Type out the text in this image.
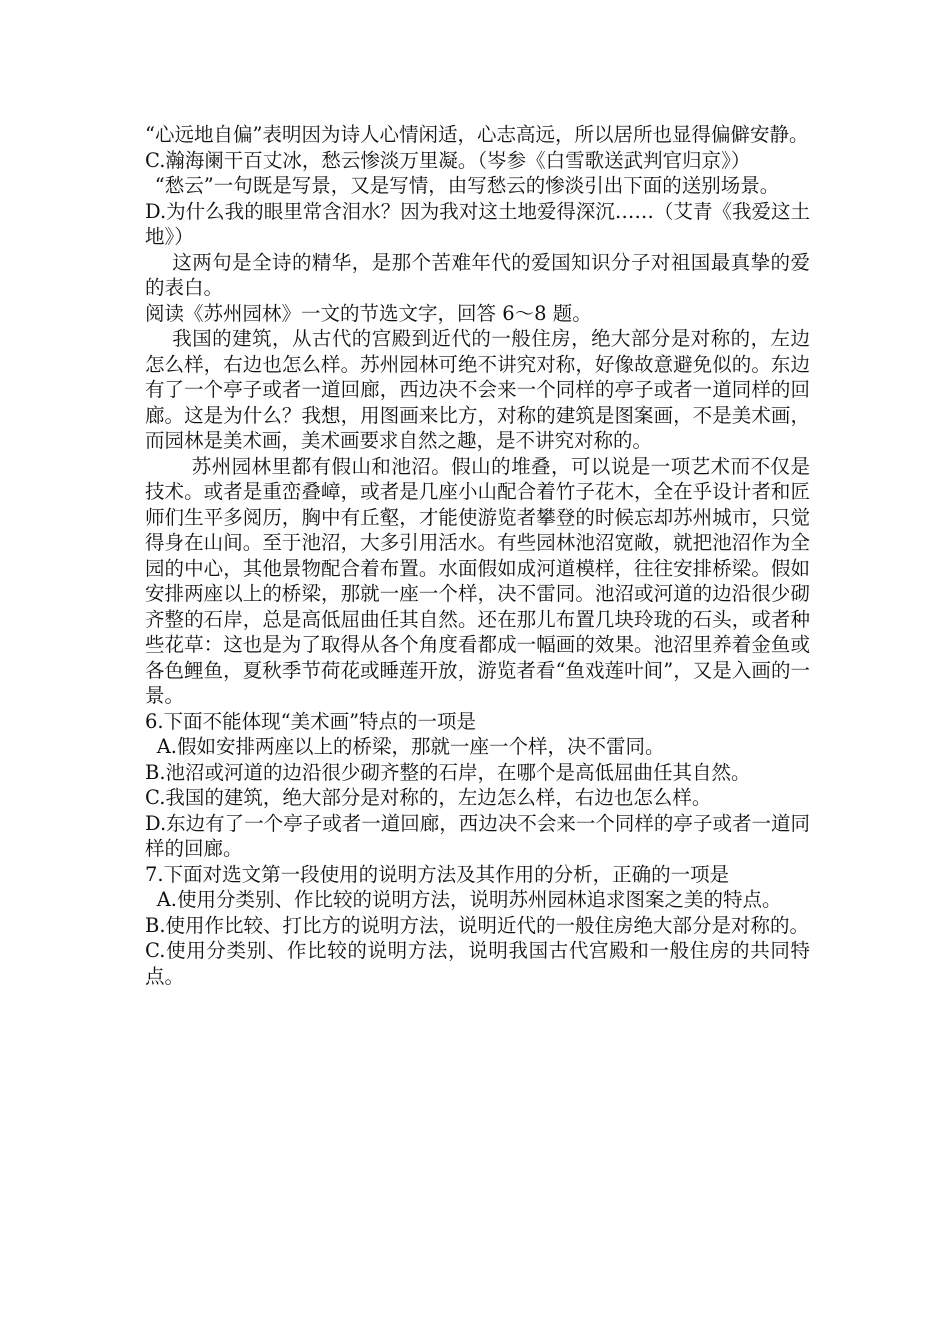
“心远地自偏”表明因为诗人心情闲适，心志高远，所以居所也显得偏僻安静。

C.瀚海阑干百丈冰，愁云惨淡万里凝。（岑参《白雪歌送武判官归京》）

“愁云”一句既是写景，又是写情，由写愁云的惨淡引出下面的送别场景。

D.为什么我的眼里常含泪水？因为我对这土地爱得深沉……（艾青《我爱这土地》）

这两句是全诗的精华，是那个苦难年代的爱国知识分子对祖国最真挚的爱的表白。

阅读《苏州园林》一文的节选文字，回答 6～8 题。

我国的建筑，从古代的宫殿到近代的一般住房，绝大部分是对称的，左边怎么样，右边也怎么样。苏州园林可绝不讲究对称，好像故意避免似的。东边有了一个亭子或者一道回廊，西边决不会来一个同样的亭子或者一道同样的回廊。这是为什么？我想，用图画来比方，对称的建筑是图案画，不是美术画，而园林是美术画，美术画要求自然之趣，是不讲究对称的。

苏州园林里都有假山和池沼。假山的堆叠，可以说是一项艺术而不仅是技术。或者是重峦叠嶂，或者是几座小山配合着竹子花木，全在乎设计者和匠师们生平多阅历，胸中有丘壑，才能使游览者攀登的时候忘却苏州城市，只觉得身在山间。至于池沼，大多引用活水。有些园林池沼宽敞，就把池沼作为全园的中心，其他景物配合着布置。水面假如成河道模样，往往安排桥梁。假如安排两座以上的桥梁，那就一座一个样，决不雷同。池沼或河道的边沿很少砌齐整的石岸，总是高低屈曲任其自然。还在那儿布置几块玲珑的石头，或者种些花草：这也是为了取得从各个角度看都成一幅画的效果。池沼里养着金鱼或各色鲤鱼，夏秋季节荷花或睡莲开放，游览者看“鱼戏莲叶间”，又是入画的一景。

6.下面不能体现“美术画”特点的一项是

A.假如安排两座以上的桥梁，那就一座一个样，决不雷同。

B.池沼或河道的边沿很少砌齐整的石岸，在哪个是高低屈曲任其自然。

C.我国的建筑，绝大部分是对称的，左边怎么样，右边也怎么样。

D.东边有了一个亭子或者一道回廊，西边决不会来一个同样的亭子或者一道同样的回廊。

7.下面对选文第一段使用的说明方法及其作用的分析，正确的一项是

A.使用分类别、作比较的说明方法，说明苏州园林追求图案之美的特点。

B.使用作比较、打比方的说明方法，说明近代的一般住房绝大部分是对称的。

C.使用分类别、作比较的说明方法，说明我国古代宫殿和一般住房的共同特点。
